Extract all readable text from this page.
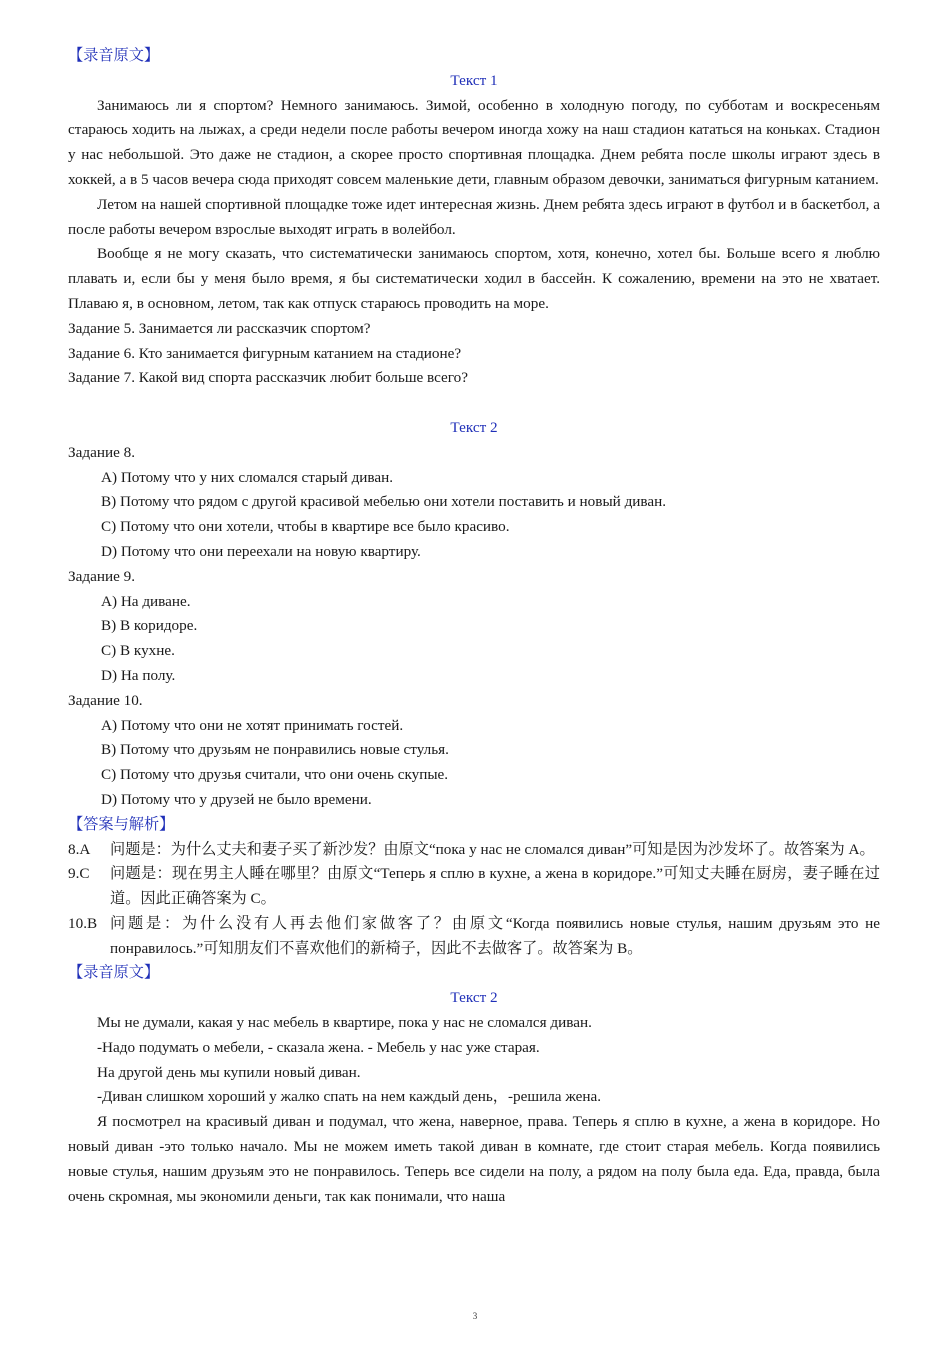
【录音原文】

Текст 1

Занимаюсь ли я спортом? Немного занимаюсь. Зимой, особенно в холодную погоду, по субботам и воскресеньям стараюсь ходить на лыжах, а среди недели после работы вечером иногда хожу на наш стадион кататься на коньках. Стадион у нас небольшой. Это даже не стадион, а скорее просто спортивная площадка. Днем ребята после школы играют здесь в хоккей, а в 5 часов вечера сюда приходят совсем маленькие дети, главным образом девочки, заниматься фигурным катанием.

Летом на нашей спортивной площадке тоже идет интересная жизнь. Днем ребята здесь играют в футбол и в баскетбол, а после работы вечером взрослые выходят играть в волейбол.

Вообще я не могу сказать, что систематически занимаюсь спортом, хотя, конечно, хотел бы. Больше всего я люблю плавать и, если бы у меня было время, я бы систематически ходил в бассейн. К сожалению, времени на это не хватает. Плаваю я, в основном, летом, так как отпуск стараюсь проводить на море.

Задание 5. Занимается ли рассказчик спортом?

Задание 6. Кто занимается фигурным катанием на стадионе?

Задание 7. Какой вид спорта рассказчик любит больше всего?

Текст 2

Задание 8.

A) Потому что у них сломался старый диван.

B) Потому что рядом с другой красивой мебелью они хотели поставить и новый диван.

C) Потому что они хотели, чтобы в квартире все было красиво.

D) Потому что они переехали на новую квартиру.

Задание 9.

A) На диване.

B) В коридоре.

C) В кухне.

D) На полу.

Задание 10.

A) Потому что они не хотят принимать гостей.

B) Потому что друзьям не понравились новые стулья.

C) Потому что друзья считали, что они очень скупые.

D) Потому что у друзей не было времени.

【答案与解析】

8.A	问题是：为什么丈夫和妻子买了新沙发？由原文“пока у нас не сломался диван”可知是因为沙发坏了。故答案为 A。
9.C	问题是：现在男主人睡在哪里？由原文“Теперь я сплю в кухне, а жена в коридоре.”可知丈夫睡在厨房，妻子睡在过道。因此正确答案为 C。
10.B 问题是：为什么没有人再去他们家做客了？由原文“Когда появились новые стулья, нашим друзьям это не понравилось.”可知朋友们不喜欢他们的新椅子，因此不去做客了。故答案为 B。

【录音原文】

Текст 2

Мы не думали, какая у нас мебель в квартире, пока у нас не сломался диван.

-Надо подумать о мебели, - сказала жена. - Мебель у нас уже старая.

На другой день мы купили новый диван.

-Диван слишком хороший у жалко спать на нем каждый день，-решила жена.

Я посмотрел на красивый диван и подумал, что жена, наверное, права. Теперь я сплю в кухне, а жена в коридоре. Но новый диван -это только начало. Мы не можем иметь такой диван в комнате, где стоит старая мебель. Когда появились новые стулья, нашим друзьям это не понравилось. Теперь все сидели на полу, а рядом на полу была еда. Еда, правда, была очень скромная, мы экономили деньги, так как понимали, что наша

3
